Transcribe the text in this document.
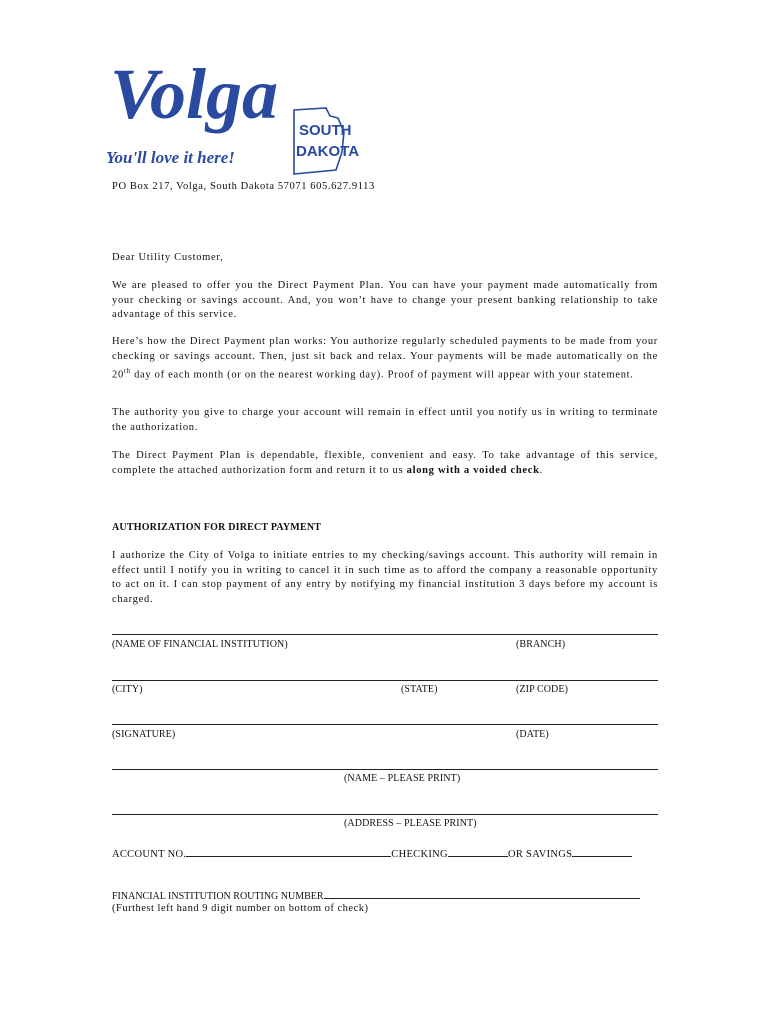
Volga SOUTH
DAKOTA
You'll love it here!
PO Box 217, Volga, South Dakota 57071 605.627.9113
Dear Utility Customer,
We are pleased to offer you the Direct Payment Plan. You can have your payment made automatically from your checking or savings account. And, you won’t have to change your present banking relationship to take advantage of this service.
Here’s how the Direct Payment plan works: You authorize regularly scheduled payments to be made from your checking or savings account. Then, just sit back and relax. Your payments will be made automatically on the 20th day of each month (or on the nearest working day). Proof of payment will appear with your statement.
The authority you give to charge your account will remain in effect until you notify us in writing to terminate the authorization.
The Direct Payment Plan is dependable, flexible, convenient and easy. To take advantage of this service, complete the attached authorization form and return it to us along with a voided check.
AUTHORIZATION FOR DIRECT PAYMENT
I authorize the City of Volga to initiate entries to my checking/savings account. This authority will remain in effect until I notify you in writing to cancel it in such time as to afford the company a reasonable opportunity to act on it. I can stop payment of any entry by notifying my financial institution 3 days before my account is charged.
(NAME OF FINANCIAL INSTITUTION)	(BRANCH)
(CITY)	(STATE)	(ZIP CODE)
(SIGNATURE)	(DATE)
(NAME – PLEASE PRINT)
(ADDRESS – PLEASE PRINT)
ACCOUNT NO.	CHECKING	OR SAVINGS
FINANCIAL INSTITUTION ROUTING NUMBER
(Furthest left hand 9 digit number on bottom of check)
